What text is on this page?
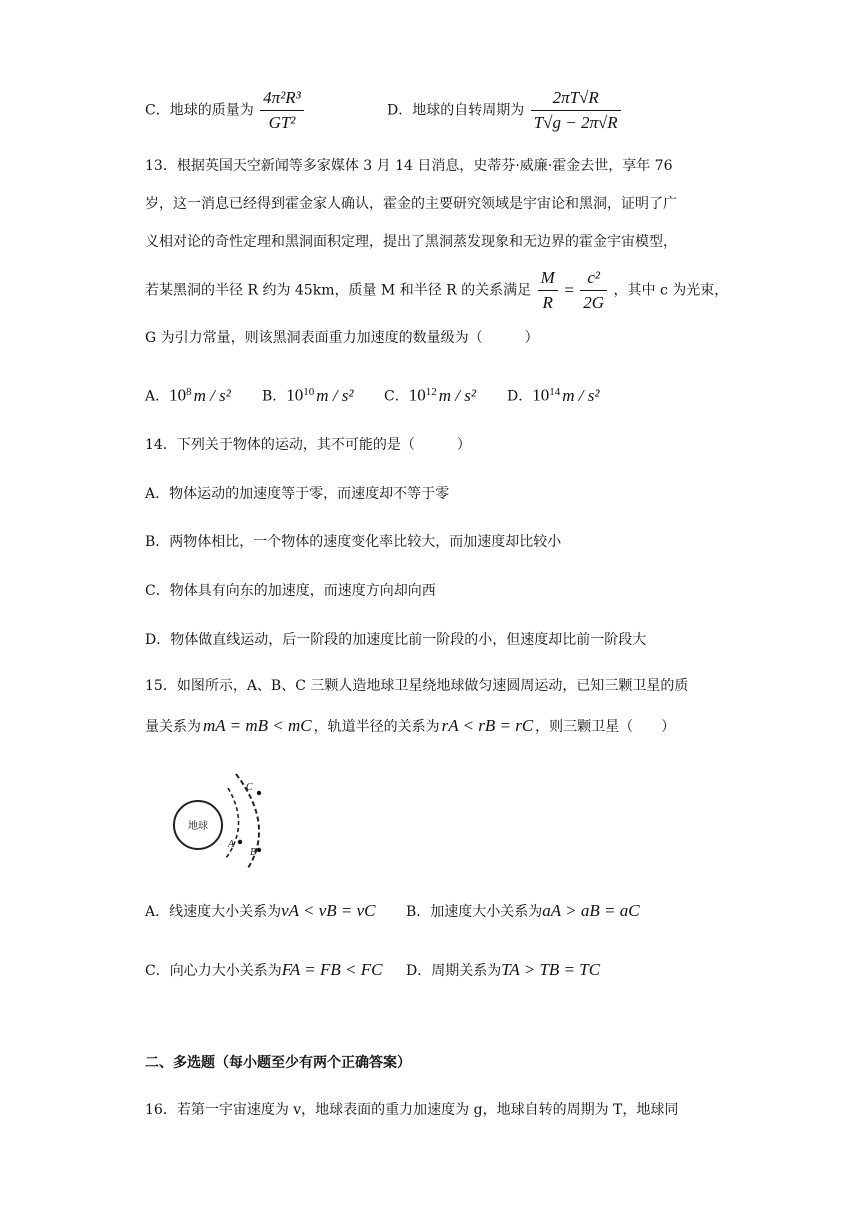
C．地球的质量为 $\frac{\text{4π²R³}}{\text{GT²}}$	D．地球的自转周期为 $\frac{2\pi T√R}{T√g - 2\pi√R}$
13．根据英国天空新闻等多家媒体 3 月 14 日消息，史蒂芬·威廉·霍金去世，享年 76
岁，这一消息已经得到霍金家人确认，霍金的主要研究领域是宇宙论和黑洞，证明了广
义相对论的奇性定理和黑洞面积定理，提出了黑洞蒸发现象和无边界的霍金宇宙模型，
若某黑洞的半径 R 约为 45km，质量 M 和半径 R 的关系满足 $\frac{M}{R} = \frac{\text{c²}}{2G}$ ，其中 c 为光束，
G 为引力常量，则该黑洞表面重力加速度的数量级为（　　　）
A．$10^8$ m / s² B．$10^{10}$ m / s² C．$10^{12}$ m / s² D．$10^{14}$ m / s²
14．下列关于物体的运动，其不可能的是（　　　）
A．物体运动的加速度等于零，而速度却不等于零
B．两物体相比，一个物体的速度变化率比较大，而加速度却比较小
C．物体具有向东的加速度，而速度方向却向西
D．物体做直线运动，后一阶段的加速度比前一阶段的小，但速度却比前一阶段大
15．如图所示，A、B、C 三颗人造地球卫星绕地球做匀速圆周运动，已知三颗卫星的质
量关系为 mA = mB < mC ，轨道半径的关系为 rA < rB = rC ，则三颗卫星（　　）
地球
A
B
C
A．线速度大小关系为vA < vB = vC B．加速度大小关系为aA > aB = aC
C．向心力大小关系为FA = FB < FC D．周期关系为TA > TB = TC
二、多选题（每小题至少有两个正确答案）
16．若第一宇宙速度为 v，地球表面的重力加速度为 g，地球自转的周期为 T，地球同
